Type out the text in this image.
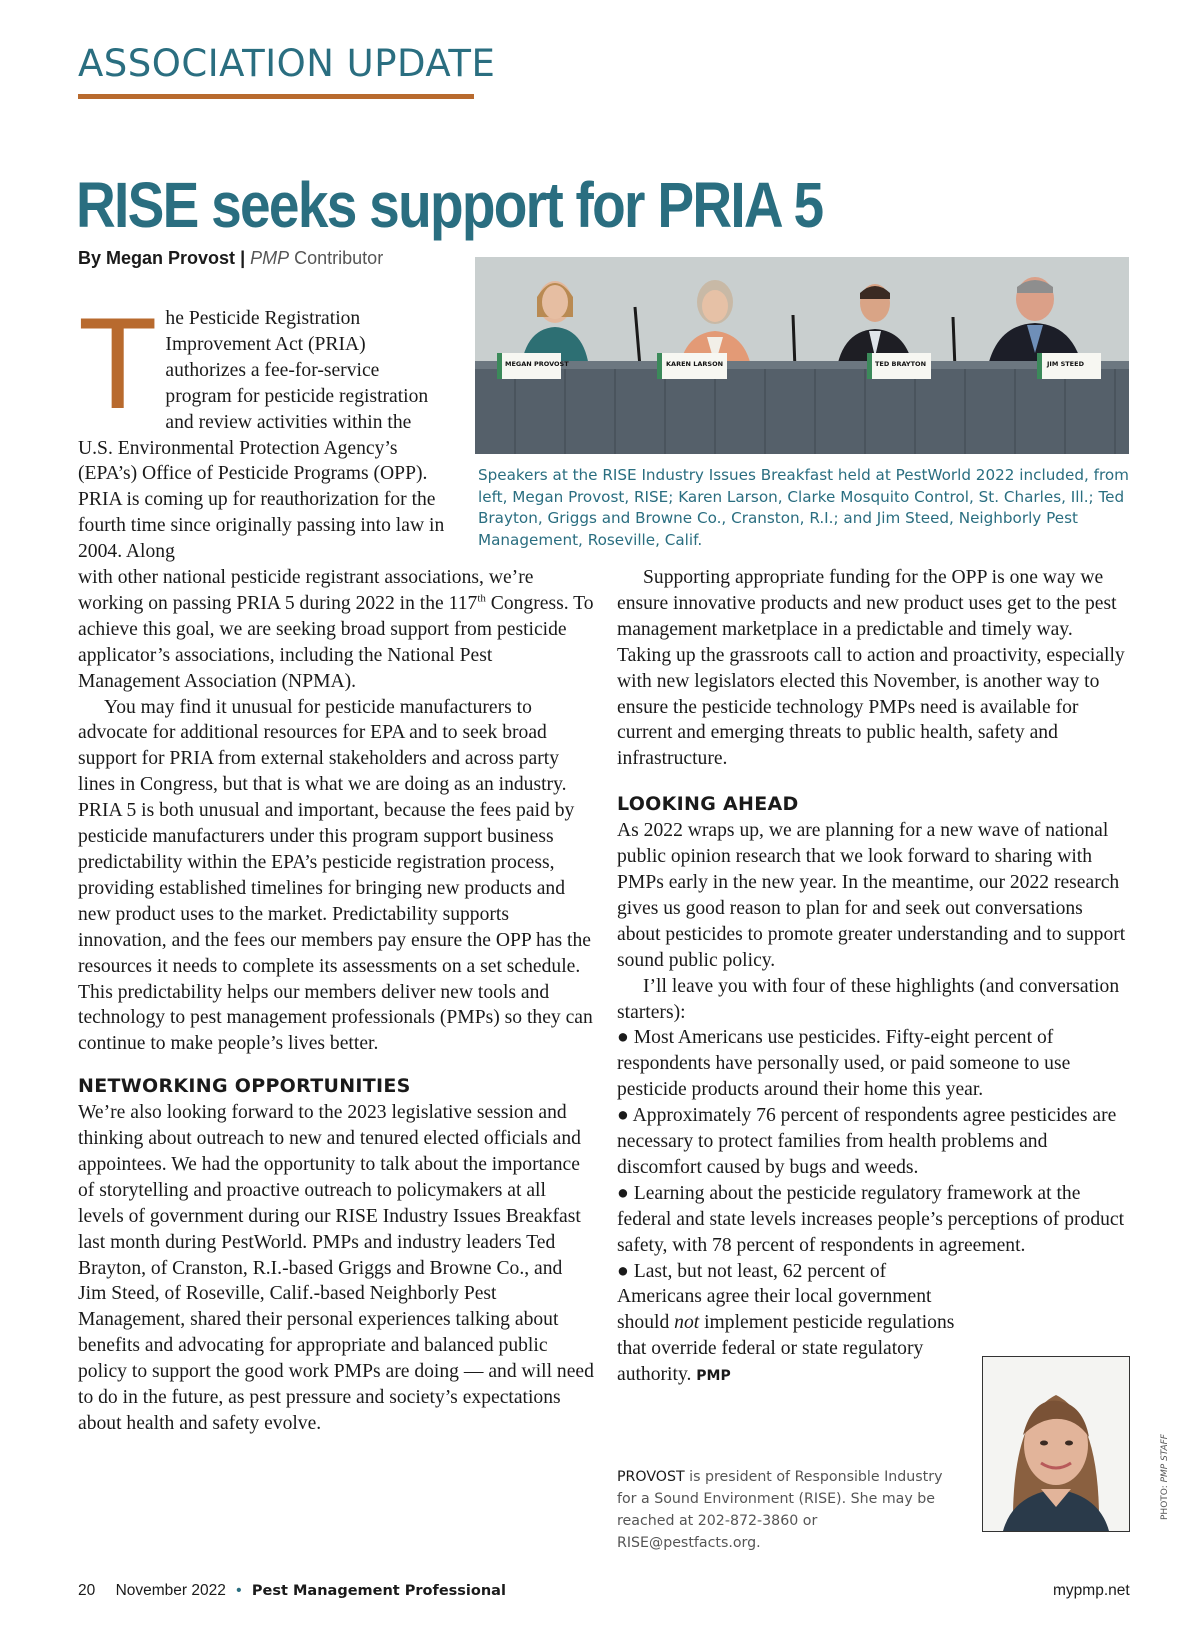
ASSOCIATION UPDATE
RISE seeks support for PRIA 5
By Megan Provost | PMP Contributor
MEGAN PROVOST	KAREN LARSON	TED BRAYTON	JIM STEED
Speakers at the RISE Industry Issues Breakfast held at PestWorld 2022 included, from left, Megan Provost, RISE; Karen Larson, Clarke Mosquito Control, St. Charles, Ill.; Ted Brayton, Griggs and Browne Co., Cranston, R.I.; and Jim Steed, Neighborly Pest Management, Roseville, Calif.
T he Pesticide Registration Improvement Act (PRIA) authorizes a fee-for-service program for pesticide registration and review activities within the U.S. Environmental Protection Agency’s (EPA’s) Office of Pesticide Programs (OPP). PRIA is coming up for reauthorization for the fourth time since originally passing into law in 2004. Along

with other national pesticide registrant associations, we’re working on passing PRIA 5 during 2022 in the 117th Congress. To achieve this goal, we are seeking broad support from pesticide applicator’s associations, including the National Pest Management Association (NPMA).

You may find it unusual for pesticide manufacturers to advocate for additional resources for EPA and to seek broad support for PRIA from external stakeholders and across party lines in Congress, but that is what we are doing as an industry. PRIA 5 is both unusual and important, because the fees paid by pesticide manufacturers under this program support business predictability within the EPA’s pesticide registration process, providing established timelines for bringing new products and new product uses to the market. Predictability supports innovation, and the fees our members pay ensure the OPP has the resources it needs to complete its assessments on a set schedule. This predictability helps our members deliver new tools and technology to pest management professionals (PMPs) so they can continue to make people’s lives better.

NETWORKING OPPORTUNITIES

We’re also looking forward to the 2023 legislative session and thinking about outreach to new and tenured elected officials and appointees. We had the opportunity to talk about the importance of storytelling and proactive outreach to policymakers at all levels of government during our RISE Industry Issues Breakfast last month during PestWorld. PMPs and industry leaders Ted Brayton, of Cranston, R.I.-based Griggs and Browne Co., and Jim Steed, of Roseville, Calif.-based Neighborly Pest Management, shared their personal experiences talking about benefits and advocating for appropriate and balanced public policy to support the good work PMPs are doing — and will need to do in the future, as pest pressure and society’s expectations about health and safety evolve.

Supporting appropriate funding for the OPP is one way we ensure innovative products and new product uses get to the pest management marketplace in a predictable and timely way. Taking up the grassroots call to action and proactivity, especially with new legislators elected this November, is another way to ensure the pesticide technology PMPs need is available for current and emerging threats to public health, safety and infrastructure.

LOOKING AHEAD

As 2022 wraps up, we are planning for a new wave of national public opinion research that we look forward to sharing with PMPs early in the new year. In the meantime, our 2022 research gives us good reason to plan for and seek out conversations about pesticides to promote greater understanding and to support sound public policy.

I’ll leave you with four of these highlights (and conversation starters):

● Most Americans use pesticides. Fifty-eight percent of respondents have personally used, or paid someone to use pesticide products around their home this year.

● Approximately 76 percent of respondents agree pesticides are necessary to protect families from health problems and discomfort caused by bugs and weeds.

● Learning about the pesticide regulatory framework at the federal and state levels increases people’s perceptions of product safety, with 78 percent of respondents in agreement.

● Last, but not least, 62 percent of Americans agree their local government should not implement pesticide regulations that override federal or state regulatory authority. PMP

PROVOST is president of Responsible Industry for a Sound Environment (RISE). She may be reached at 202-872-3860 or RISE@pestfacts.org.
PHOTO: PMP STAFF
20 November 2022 • Pest Management Professional	mypmp.net
